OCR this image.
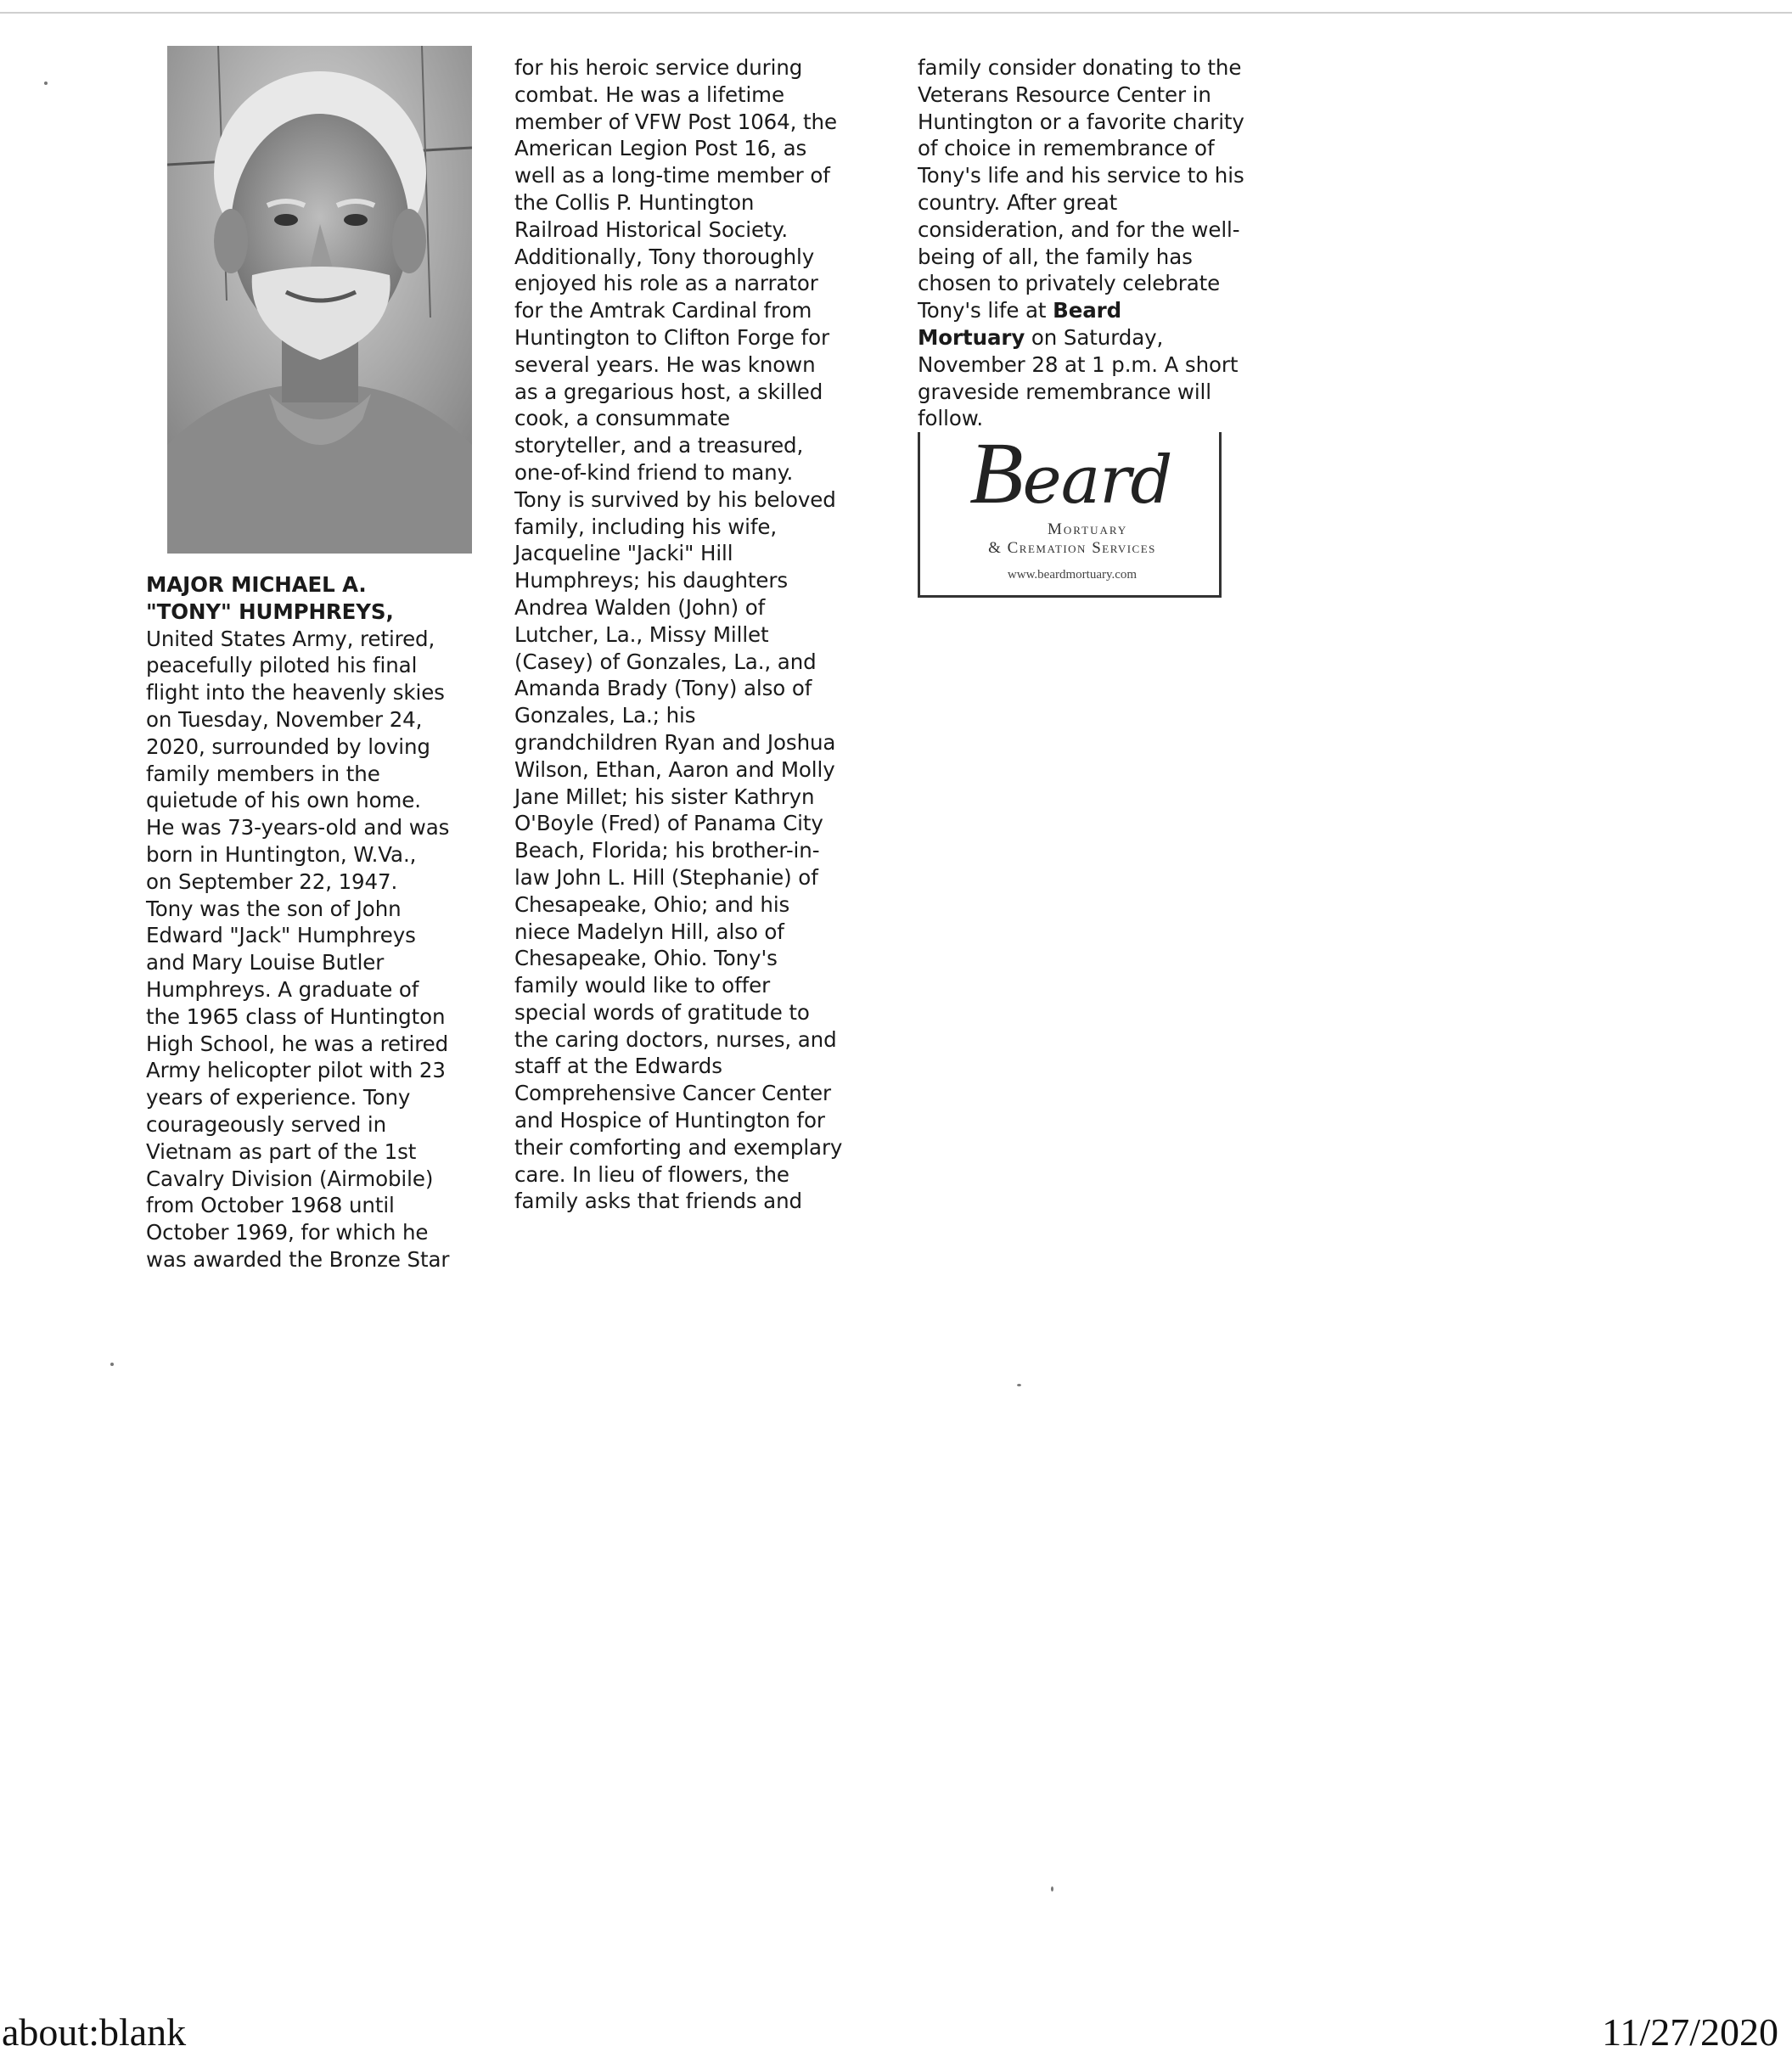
MAJOR MICHAEL A.
"TONY" HUMPHREYS,
United States Army, retired,
peacefully piloted his final
flight into the heavenly skies
on Tuesday, November 24,
2020, surrounded by loving
family members in the
quietude of his own home.
He was 73-years-old and was
born in Huntington, W.Va.,
on September 22, 1947.
Tony was the son of John
Edward "Jack" Humphreys
and Mary Louise Butler
Humphreys. A graduate of
the 1965 class of Huntington
High School, he was a retired
Army helicopter pilot with 23
years of experience. Tony
courageously served in
Vietnam as part of the 1st
Cavalry Division (Airmobile)
from October 1968 until
October 1969, for which he
was awarded the Bronze Star
for his heroic service during
combat. He was a lifetime
member of VFW Post 1064, the
American Legion Post 16, as
well as a long-time member of
the Collis P. Huntington
Railroad Historical Society.
Additionally, Tony thoroughly
enjoyed his role as a narrator
for the Amtrak Cardinal from
Huntington to Clifton Forge for
several years. He was known
as a gregarious host, a skilled
cook, a consummate
storyteller, and a treasured,
one-of-kind friend to many.
Tony is survived by his beloved
family, including his wife,
Jacqueline "Jacki" Hill
Humphreys; his daughters
Andrea Walden (John) of
Lutcher, La., Missy Millet
(Casey) of Gonzales, La., and
Amanda Brady (Tony) also of
Gonzales, La.; his
grandchildren Ryan and Joshua
Wilson, Ethan, Aaron and Molly
Jane Millet; his sister Kathryn
O'Boyle (Fred) of Panama City
Beach, Florida; his brother-in-
law John L. Hill (Stephanie) of
Chesapeake, Ohio; and his
niece Madelyn Hill, also of
Chesapeake, Ohio. Tony's
family would like to offer
special words of gratitude to
the caring doctors, nurses, and
staff at the Edwards
Comprehensive Cancer Center
and Hospice of Huntington for
their comforting and exemplary
care. In lieu of flowers, the
family asks that friends and
family consider donating to the
Veterans Resource Center in
Huntington or a favorite charity
of choice in remembrance of
Tony's life and his service to his
country. After great
consideration, and for the well-
being of all, the family has
chosen to privately celebrate
Tony's life at Beard
Mortuary on Saturday,
November 28 at 1 p.m. A short
graveside remembrance will
follow.
Beard
Mortuary
& Cremation Services
www.beardmortuary.com
about:blank	11/27/2020
